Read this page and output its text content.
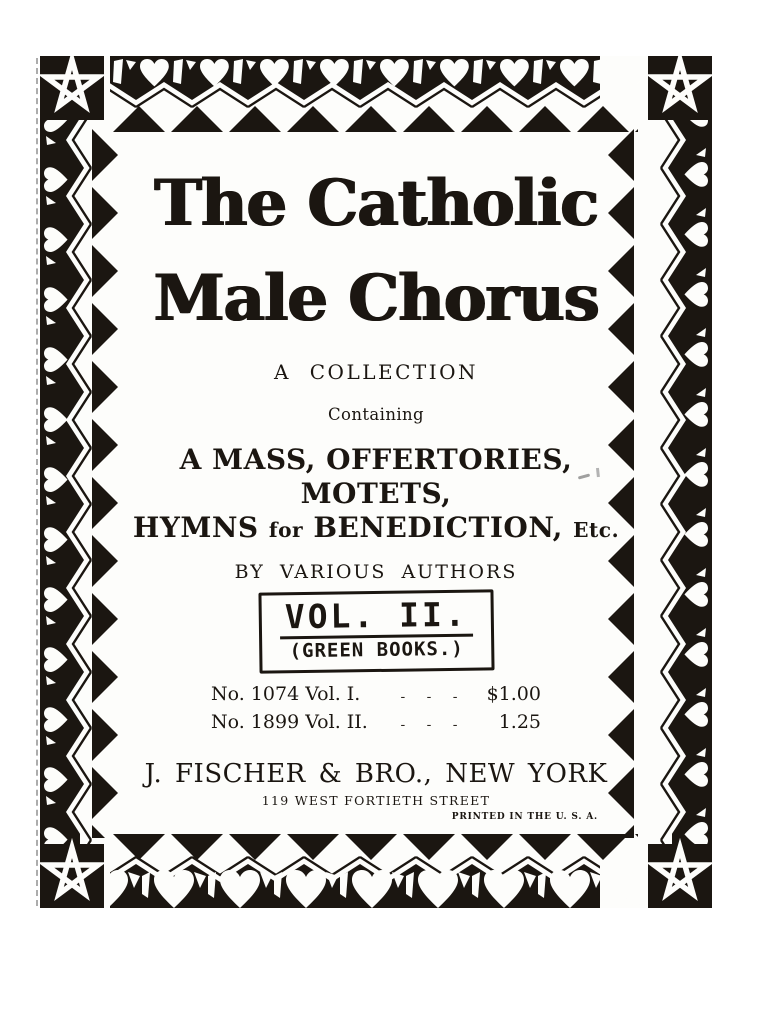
The Catholic
Male Chorus
A COLLECTION
Containing
A MASS, OFFERTORIES,
MOTETS,
HYMNS for BENEDICTION, Etc.
BY VARIOUS AUTHORS
VOL. II.
(GREEN BOOKS.)
No. 1074 Vol. I.	-   -   -	$1.00
No. 1899 Vol. II.	-   -   -	1.25
J. FISCHER & BRO., NEW YORK
119 WEST FORTIETH STREET
PRINTED IN THE U. S. A.
